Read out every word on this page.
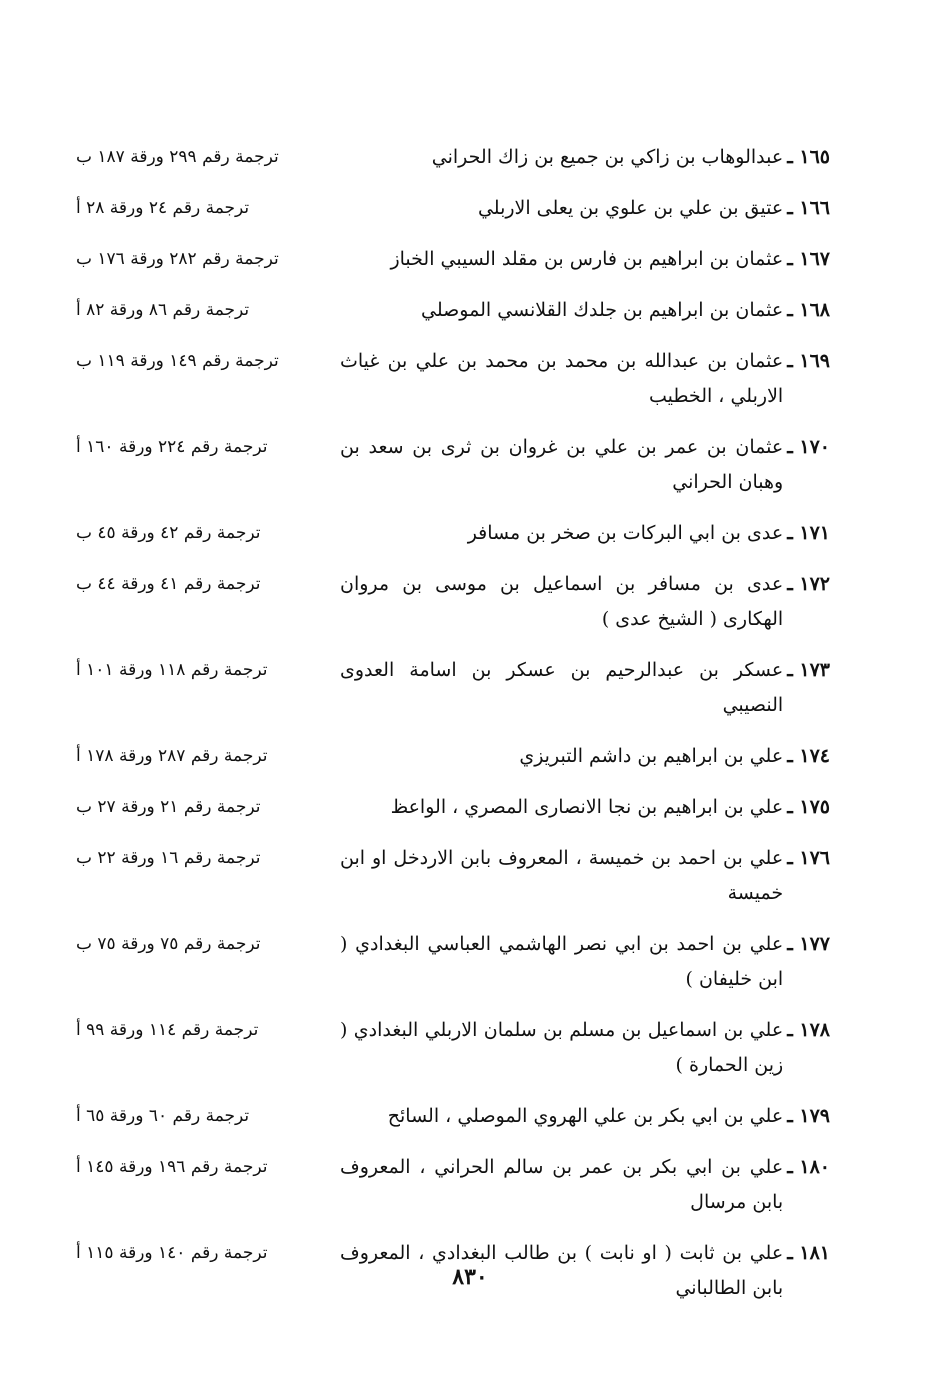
١٦٥ ـ
عبدالوهاب بن زاكي بن جميع بن زاك الحراني
ترجمة رقم ٢٩٩ ورقة ١٨٧ ب
١٦٦ ـ
عتيق بن علي بن علوي بن يعلى الاربلي
ترجمة رقم ٢٤ ورقة ٢٨ أ
١٦٧ ـ
عثمان بن ابراهيم بن فارس بن مقلد السيبي الخباز
ترجمة رقم ٢٨٢ ورقة ١٧٦ ب
١٦٨ ـ
عثمان بن ابراهيم بن جلدك القلانسي الموصلي
ترجمة رقم ٨٦ ورقة ٨٢ أ
١٦٩ ـ
عثمان بن عبدالله بن محمد بن محمد بن علي بن غياث الاربلي ، الخطيب
ترجمة رقم ١٤٩ ورقة ١١٩ ب
١٧٠ ـ
عثمان بن عمر بن علي بن غروان بن ثرى بن سعد بن وهبان الحراني
ترجمة رقم ٢٢٤ ورقة ١٦٠ أ
١٧١ ـ
عدى بن ابي البركات بن صخر بن مسافر
ترجمة رقم ٤٢ ورقة ٤٥ ب
١٧٢ ـ
عدى بن مسافر بن اسماعيل بن موسى بن مروان الهكارى ( الشيخ عدى )
ترجمة رقم ٤١ ورقة ٤٤ ب
١٧٣ ـ
عسكر بن عبدالرحيم بن عسكر بن اسامة العدوى النصيبي
ترجمة رقم ١١٨ ورقة ١٠١ أ
١٧٤ ـ
علي بن ابراهيم بن داشم التبريزي
ترجمة رقم ٢٨٧ ورقة ١٧٨ أ
١٧٥ ـ
علي بن ابراهيم بن نجا الانصارى المصري ، الواعظ
ترجمة رقم ٢١ ورقة ٢٧ ب
١٧٦ ـ
علي بن احمد بن خميسة ، المعروف بابن الاردخل او ابن خميسة
ترجمة رقم ١٦ ورقة ٢٢ ب
١٧٧ ـ
علي بن احمد بن ابي نصر الهاشمي العباسي البغدادي ( ابن خليفان )
ترجمة رقم ٧٥ ورقة ٧٥ ب
١٧٨ ـ
علي بن اسماعيل بن مسلم بن سلمان الاربلي البغدادي ( زين الحمارة )
ترجمة رقم ١١٤ ورقة ٩٩ أ
١٧٩ ـ
علي بن ابي بكر بن علي الهروي الموصلي ، السائح
ترجمة رقم ٦٠ ورقة ٦٥ أ
١٨٠ ـ
علي بن ابي بكر بن عمر بن سالم الحراني ، المعروف بابن مرسال
ترجمة رقم ١٩٦ ورقة ١٤٥ أ
١٨١ ـ
علي بن ثابت ( او نابت ) بن طالب البغدادي ، المعروف بابن الطالباني
ترجمة رقم ١٤٠ ورقة ١١٥ أ
٨٣٠
